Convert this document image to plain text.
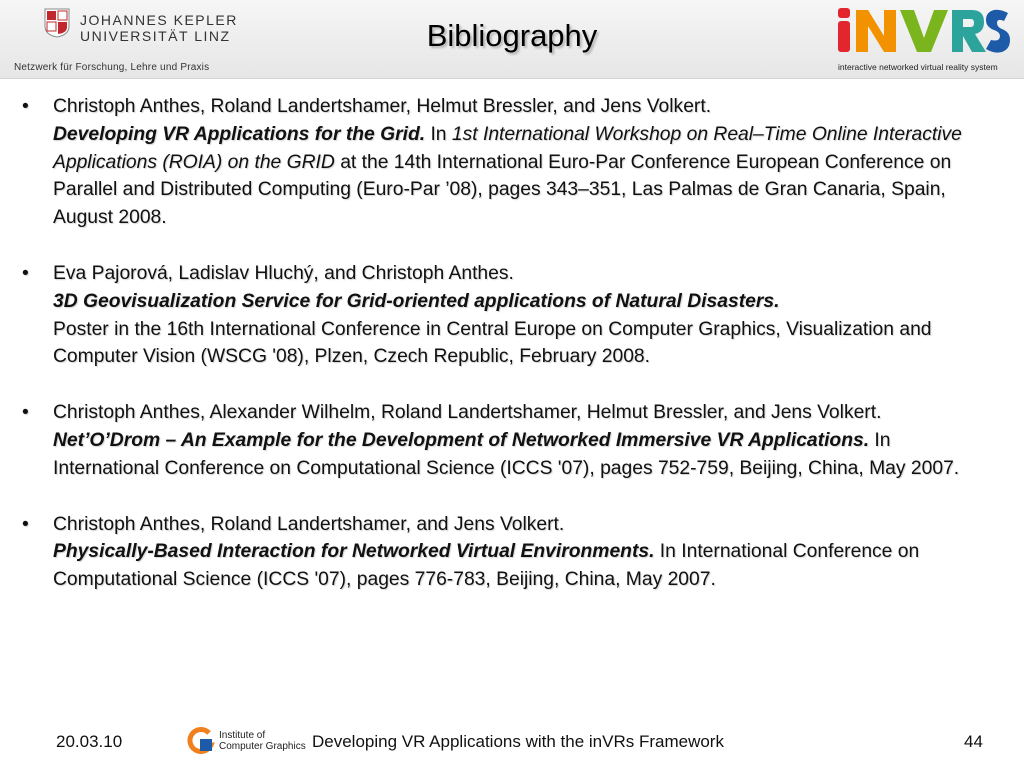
JOHANNES KEPLER
UNIVERSITÄT LINZ
Netzwerk für Forschung, Lehre und Praxis
Bibliography
interactive networked virtual reality system
• Christoph Anthes, Roland Landertshamer, Helmut Bressler, and Jens Volkert.
Developing VR Applications for the Grid. In 1st International Workshop on Real–Time Online Interactive Applications (ROIA) on the GRID at the 14th International Euro-Par Conference European Conference on Parallel and Distributed Computing (Euro-Par ’08), pages 343–351, Las Palmas de Gran Canaria, Spain, August 2008.
• Eva Pajorová, Ladislav Hluchý, and Christoph Anthes.
3D Geovisualization Service for Grid-oriented applications of Natural Disasters.
Poster in the 16th International Conference in Central Europe on Computer Graphics, Visualization and Computer Vision (WSCG '08), Plzen, Czech Republic, February 2008.
• Christoph Anthes, Alexander Wilhelm, Roland Landertshamer, Helmut Bressler, and Jens Volkert.
Net’O’Drom – An Example for the Development of Networked Immersive VR Applications. In International Conference on Computational Science (ICCS '07), pages 752-759, Beijing, China, May 2007.
• Christoph Anthes, Roland Landertshamer, and Jens Volkert.
Physically-Based Interaction for Networked Virtual Environments. In International Conference on Computational Science (ICCS '07), pages 776-783, Beijing, China, May 2007.
20.03.10	Institute of
Computer Graphics Developing VR Applications with the inVRs Framework	44
